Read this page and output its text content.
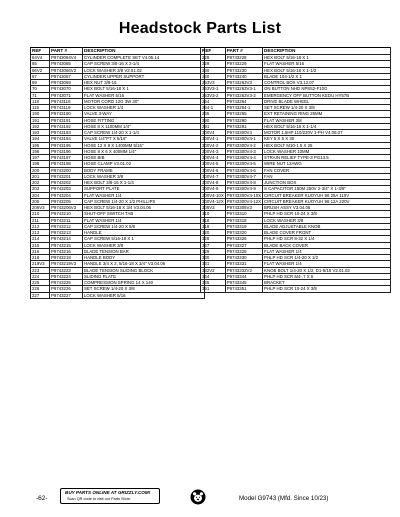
Headstock Parts List
REF	PART #	DESCRIPTION
64V4	P9743064V4	CYLINDER COMPLETE SET V4.05.14
65	P9743065	CAP SCREW 3/8-16 X 2-1/4
66V2	P9743066V2	LOCK WASHER 3/8 V2.01.02
67	P9743067	CYLINDER UPPER SUPPORT
69	P9743069	HEX NUT 3/8-16
70	P9743070	HEX BOLT 5/16-18 X 1
71	P9743071	FLAT WASHER 5/16
118	P9743118	MOTOR CORD 12G 3W 30"
119	P9743119	LOCK WASHER 1/4
190	P9743190	VALVE 3-WAY
191	P9743191	HOSE FITTING
192	P9743192	HOSE 8 X 1100MM 1/4"
193	P9743193	CAP SCREW 1/4-20 X 1-1/4
194	P9743194	VALVE 1/4"PT X 5/16"
195	P9743195	HOSE 12 X 8 X 1400MM 5/16"
196	P9743196	HOSE 8 X 6 X 400MM 1/4"
197	P9743197	HOSE BIB
198	P9743198	HOSE CLAMP V3.01.02
200	P9743200	BODY FRAME
201	P9743201	LOCK WASHER 3/8
202	P9743202	HEX BOLT 3/8-16 X 1-1/4
203	P9743203	SUPPORT PLATE
204	P9743204	FLAT WASHER 1/4
205	P9743205	CAP SCREW 1/4-20 X 1/2 PHILLIPS
206V3	P9743206V3	HEX BOLT 5/16-18 X 3/4 V3.04.06
210	P9743210	SHUT-OFF SWITCH TAB
211	P9743211	FLAT WASHER 1/4
212	P9743212	CAP SCREW 1/4-20 X 5/8
213	P9743213	HANDLE
214	P9743214	CAP SCREW 5/16-18 X 1
215	P9743215	LOCK WASHER 3/8
216	P9743216	BLADE TENSION BAR
218	P9743218	HANDLE BODY
219V3	P9743219V3	HANDLE 3/4 X 2, 5/16-18 X 3/4" V3.04.06
223	P9743223	BLADE TENSION SLIDING BLOCK
224	P9743224	SLIDING PLATE
225	P9743225	COMPRESSION SPRING 14 X 140
226	P9743226	SET SCREW 1/4-20 X 3/8
227	P9743227	LOCK WASHER 5/16
REF	PART #	DESCRIPTION
228	P9743228	HEX BOLT 5/16-18 X 1
229	P9743229	FLAT WASHER 5/16
230	P9743230	HEX BOLT 5/16-18 X 1-1/2
240	P9743240	BLADE 104-1/2 X 1
263V3	P9743263V3	CONTROL BOX V3.12.07
263V3-1	P9743263V3-1	ON BUTTON NHD NP8S2-F10G
263V3-2	P9743263V3-2	EMERGENCY OFF BUTTON KEDU HY57B
264	P9743264	DRIVE BLADE WHEEL
264-1	P9743264-1	SET SCREW 1/4-20 X 3/8
265	P9743265	EXT RETAINING RING 25MM
290	P9743290	FLAT WASHER 3/8
291	P9743291	HEX BOLT 5/16-18 X 1-1/4
300V4	P9743300V4	MOTOR 1.5HP 110/220V 1-PH V4.08.07
300V4-1	P9743300V4-1	KEY 5 X 5 X 30
300V4-2	P9743300V4-2	HEX BOLT M10-1.5 X 25
300V4-3	P9743300V4-3	LOCK WASHER 10MM
300V4-4	P9743300V4-4	STRAIN RELIEF TYPE-3 PG13.5
300V4-5	P9743300V4-5	WIRE NUT 12AWG
300V4-6	P9743300V4-6	FAN COVER
300V4-7	P9743300V4-7	FAN
300V4-8	P9743300V4-8	JUNCTION BOX
300V4-9	P9743300V4-9	S CAPACITOR 150M 250V 2-3/4" X 1-3/8"
300V4-10X	P9743300V4-10X	CIRCUIT BREAKER KUOYUH 98 25A 110V
300V4-12X	P9743300V4-12X	CIRCUIT BREAKER KUOYUH 98 12A 220V
306V3	P9743306V3	BRUSH ASSY V3.04.06
310	P9743310	PHLP HD SCR 10-24 X 3/8
318	P9743318	LOCK WASHER 3/8
319	P9743319	BLADE ADJUSTABLE KNOB
320	P9743320	BLADE COVER FRONT
326	P9743326	PHLP HD SCR 8-32 X 1/4
327	P9743327	BLADE BACK COVER
329	P9743329	FLAT WASHER 1/4
330	P9743330	PHLP HD SCR 1/4-20 X 1/2
331	P9743331	FLAT WASHER 1/4
332V2	P9743332V2	KNOB BOLT 1/4-20 X 1/2, D1-5/16 V2.01.02
344	P9743344	PHLP HD SCR M4-.7 X 6
345	P9743345	BRACKET
351	P9743351	PHLP HD SCR 10-24 X 3/8
-62-
BUY PARTS ONLINE AT GRIZZLY.COM!
Scan QR code to visit our Parts Store.	Model G9743 (Mfd. Since 10/23)
